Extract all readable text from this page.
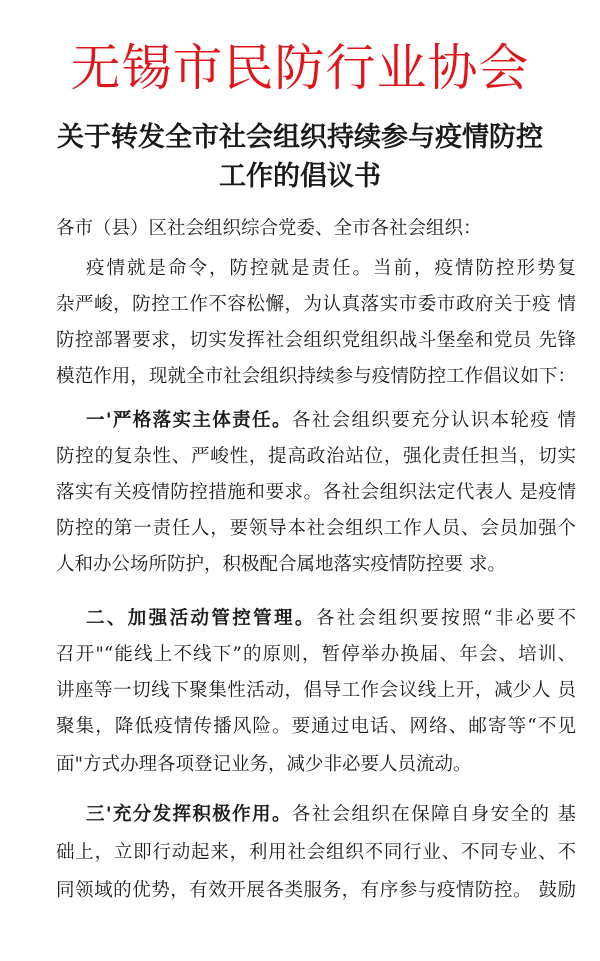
无锡市民防行业协会
关于转发全市社会组织持续参与疫情防控
工作的倡议书
各市（县）区社会组织综合党委、全市各社会组织：
疫情就是命令，防控就是责任。当前，疫情防控形势复
杂严峻，防控工作不容松懈，为认真落实市委市政府关于疫 情
防控部署要求，切实发挥社会组织党组织战斗堡垒和党员 先锋
模范作用，现就全市社会组织持续参与疫情防控工作倡议如下：
一'严格落实主体责任。各社会组织要充分认识本轮疫 情
防控的复杂性、严峻性，提高政治站位，强化责任担当，切实
落实有关疫情防控措施和要求。各社会组织法定代表人 是疫情
防控的第一责任人，要领导本社会组织工作人员、会员加强个
人和办公场所防护，积极配合属地落实疫情防控要 求。
二、加强活动管控管理。各社会组织要按照“非必要不
召开"“能线上不线下”的原则，暂停举办换届、年会、培训、
讲座等一切线下聚集性活动，倡导工作会议线上开，减少人 员
聚集，降低疫情传播风险。要通过电话、网络、邮寄等“不见
面"方式办理各项登记业务，减少非必要人员流动。
三'充分发挥积极作用。各社会组织在保障自身安全的 基
础上，立即行动起来，利用社会组织不同行业、不同专业、不
同领域的优势，有效开展各类服务，有序参与疫情防控。 鼓励
